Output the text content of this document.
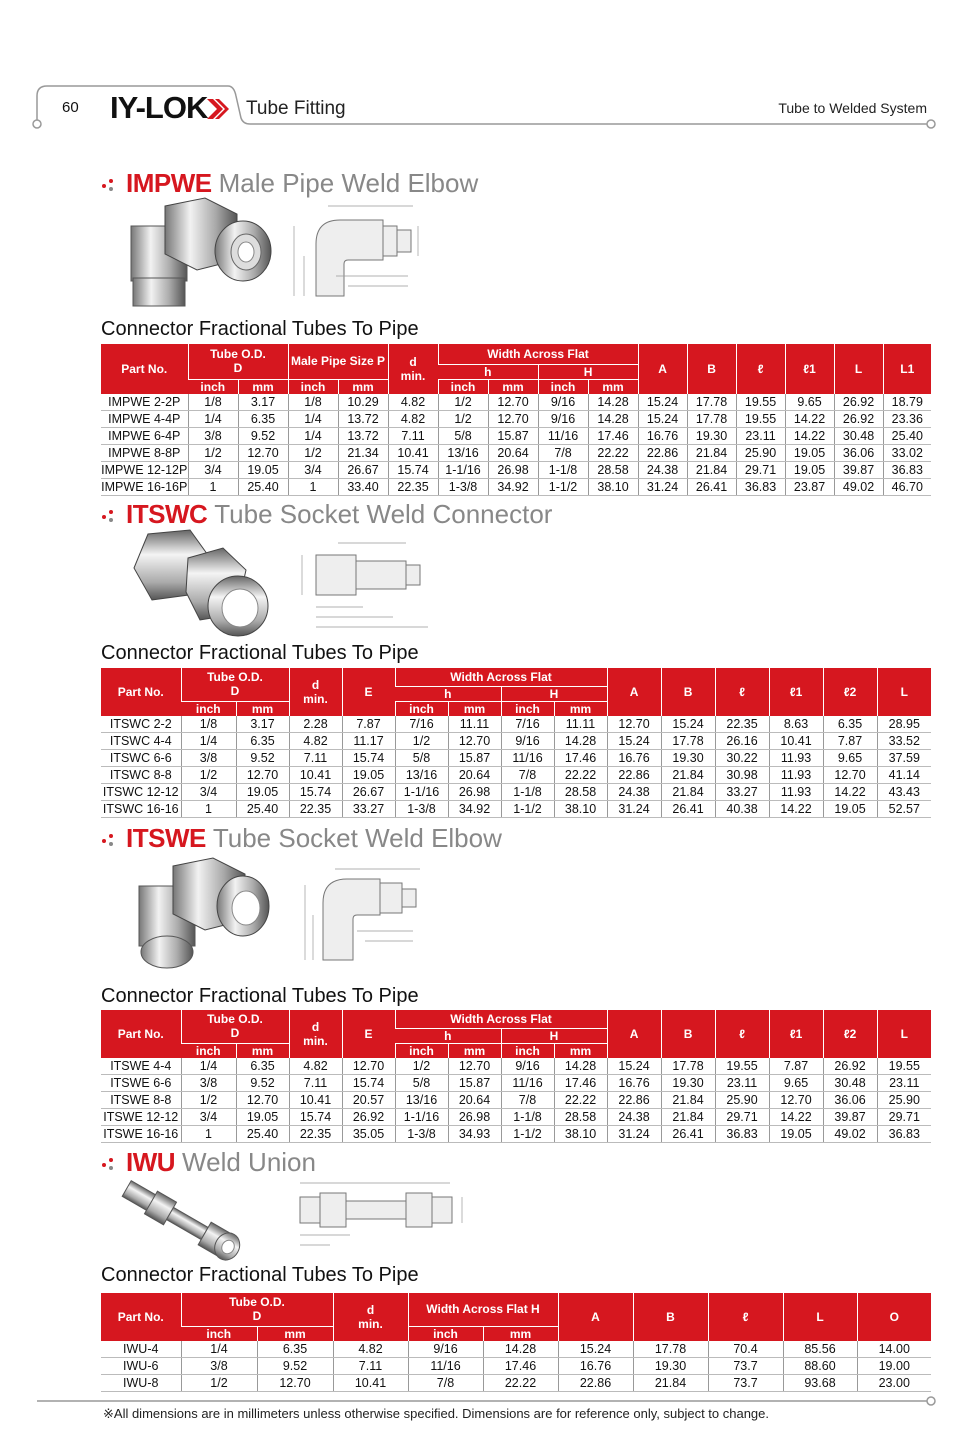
60 IY-LOK	Tube Fitting	Tube to Welded System
IMPWE Male Pipe Weld Elbow
Connector Fractional Tubes To Pipe
Part No.	Tube O.D.
D		Male Pipe Size P		d
min.	Width Across Flat				A	B	ℓ	ℓ1	L	L1
						h		H							
	inch	mm	inch	mm		inch	mm	inch	mm						
IMPWE 2-2P	1/8	3.17	1/8	10.29	4.82	1/2	12.70	9/16	14.28	15.24	17.78	19.55	9.65	26.92	18.79
IMPWE 4-4P	1/4	6.35	1/4	13.72	4.82	1/2	12.70	9/16	14.28	15.24	17.78	19.55	14.22	26.92	23.36
IMPWE 6-4P	3/8	9.52	1/4	13.72	7.11	5/8	15.87	11/16	17.46	16.76	19.30	23.11	14.22	30.48	25.40
IMPWE 8-8P	1/2	12.70	1/2	21.34	10.41	13/16	20.64	7/8	22.22	22.86	21.84	25.90	19.05	36.06	33.02
IMPWE 12-12P	3/4	19.05	3/4	26.67	15.74	1-1/16	26.98	1-1/8	28.58	24.38	21.84	29.71	19.05	39.87	36.83
IMPWE 16-16P	1	25.40	1	33.40	22.35	1-3/8	34.92	1-1/2	38.10	31.24	26.41	36.83	23.87	49.02	46.70
ITSWC Tube Socket Weld Connector
Connector Fractional Tubes To Pipe
Part No.	Tube O.D.
D		d
min.	E	Width Across Flat				A	B	ℓ	ℓ1	ℓ2	L
					h		H							
	inch	mm			inch	mm	inch	mm						
ITSWC 2-2	1/8	3.17	2.28	7.87	7/16	11.11	7/16	11.11	12.70	15.24	22.35	8.63	6.35	28.95
ITSWC 4-4	1/4	6.35	4.82	11.17	1/2	12.70	9/16	14.28	15.24	17.78	26.16	10.41	7.87	33.52
ITSWC 6-6	3/8	9.52	7.11	15.74	5/8	15.87	11/16	17.46	16.76	19.30	30.22	11.93	9.65	37.59
ITSWC 8-8	1/2	12.70	10.41	19.05	13/16	20.64	7/8	22.22	22.86	21.84	30.98	11.93	12.70	41.14
ITSWC 12-12	3/4	19.05	15.74	26.67	1-1/16	26.98	1-1/8	28.58	24.38	21.84	33.27	11.93	14.22	43.43
ITSWC 16-16	1	25.40	22.35	33.27	1-3/8	34.92	1-1/2	38.10	31.24	26.41	40.38	14.22	19.05	52.57
ITSWE Tube Socket Weld Elbow
Connector Fractional Tubes To Pipe
Part No.	Tube O.D.
D		d
min.	E	Width Across Flat				A	B	ℓ	ℓ1	ℓ2	L
					h		H							
	inch	mm			inch	mm	inch	mm						
ITSWE 4-4	1/4	6.35	4.82	12.70	1/2	12.70	9/16	14.28	15.24	17.78	19.55	7.87	26.92	19.55
ITSWE 6-6	3/8	9.52	7.11	15.74	5/8	15.87	11/16	17.46	16.76	19.30	23.11	9.65	30.48	23.11
ITSWE 8-8	1/2	12.70	10.41	20.57	13/16	20.64	7/8	22.22	22.86	21.84	25.90	12.70	36.06	25.90
ITSWE 12-12	3/4	19.05	15.74	26.92	1-1/16	26.98	1-1/8	28.58	24.38	21.84	29.71	14.22	39.87	29.71
ITSWE 16-16	1	25.40	22.35	35.05	1-3/8	34.93	1-1/2	38.10	31.24	26.41	36.83	19.05	49.02	36.83
IWU Weld Union
Connector Fractional Tubes To Pipe
Part No.	Tube O.D.
D		d
min.	Width Across Flat H		A	B	ℓ	L	O

	inch	mm		inch	mm					
IWU-4	1/4	6.35	4.82	9/16	14.28	15.24	17.78	70.4	85.56	14.00
IWU-6	3/8	9.52	7.11	11/16	17.46	16.76	19.30	73.7	88.60	19.00
IWU-8	1/2	12.70	10.41	7/8	22.22	22.86	21.84	73.7	93.68	23.00
※All dimensions are in millimeters unless otherwise specified. Dimensions are for reference only, subject to change.
